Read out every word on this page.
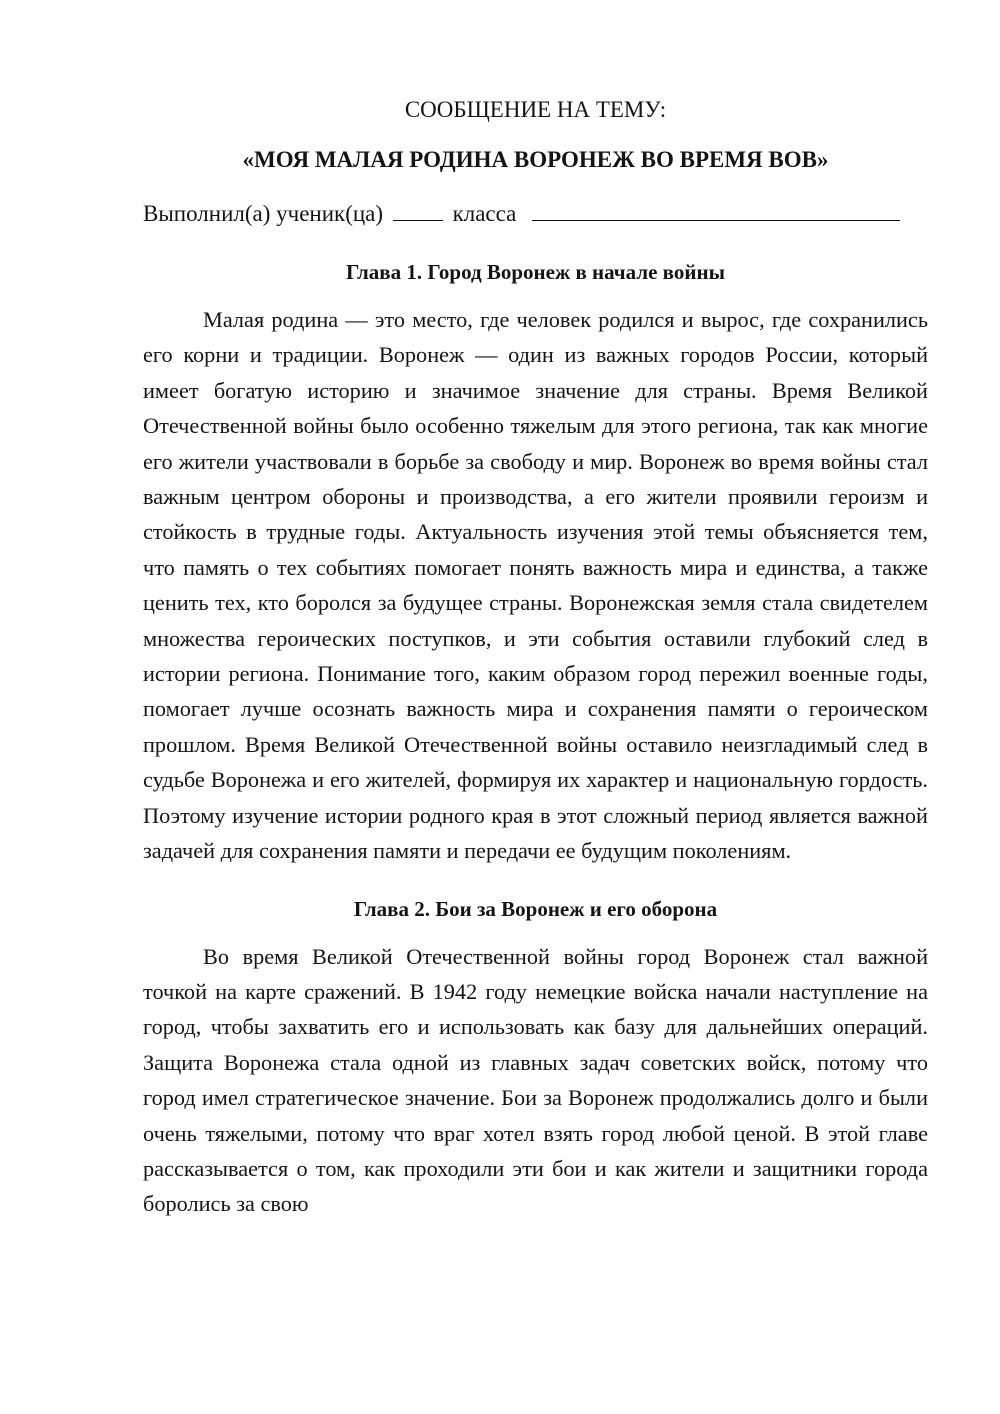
СООБЩЕНИЕ НА ТЕМУ:

«МОЯ МАЛАЯ РОДИНА ВОРОНЕЖ ВО ВРЕМЯ ВОВ»

Выполнил(а) ученик(ца)	класса

Глава 1. Город Воронеж в начале войны

Малая родина — это место, где человек родился и вырос, где сохранились его корни и традиции. Воронеж — один из важных городов России, который имеет богатую историю и значимое значение для страны. Время Великой Отечественной войны было особенно тяжелым для этого региона, так как многие его жители участвовали в борьбе за свободу и мир. Воронеж во время войны стал важным центром обороны и производства, а его жители проявили героизм и стойкость в трудные годы. Актуальность изучения этой темы объясняется тем, что память о тех событиях помогает понять важность мира и единства, а также ценить тех, кто боролся за будущее страны. Воронежская земля стала свидетелем множества героических поступков, и эти события оставили глубокий след в истории региона. Понимание того, каким образом город пережил военные годы, помогает лучше осознать важность мира и сохранения памяти о героическом прошлом. Время Великой Отечественной войны оставило неизгладимый след в судьбе Воронежа и его жителей, формируя их характер и национальную гордость. Поэтому изучение истории родного края в этот сложный период является важной задачей для сохранения памяти и передачи ее будущим поколениям.

Глава 2. Бои за Воронеж и его оборона

Во время Великой Отечественной войны город Воронеж стал важной точкой на карте сражений. В 1942 году немецкие войска начали наступление на город, чтобы захватить его и использовать как базу для дальнейших операций. Защита Воронежа стала одной из главных задач советских войск, потому что город имел стратегическое значение. Бои за Воронеж продолжались долго и были очень тяжелыми, потому что враг хотел взять город любой ценой. В этой главе рассказывается о том, как проходили эти бои и как жители и защитники города боролись за свою
